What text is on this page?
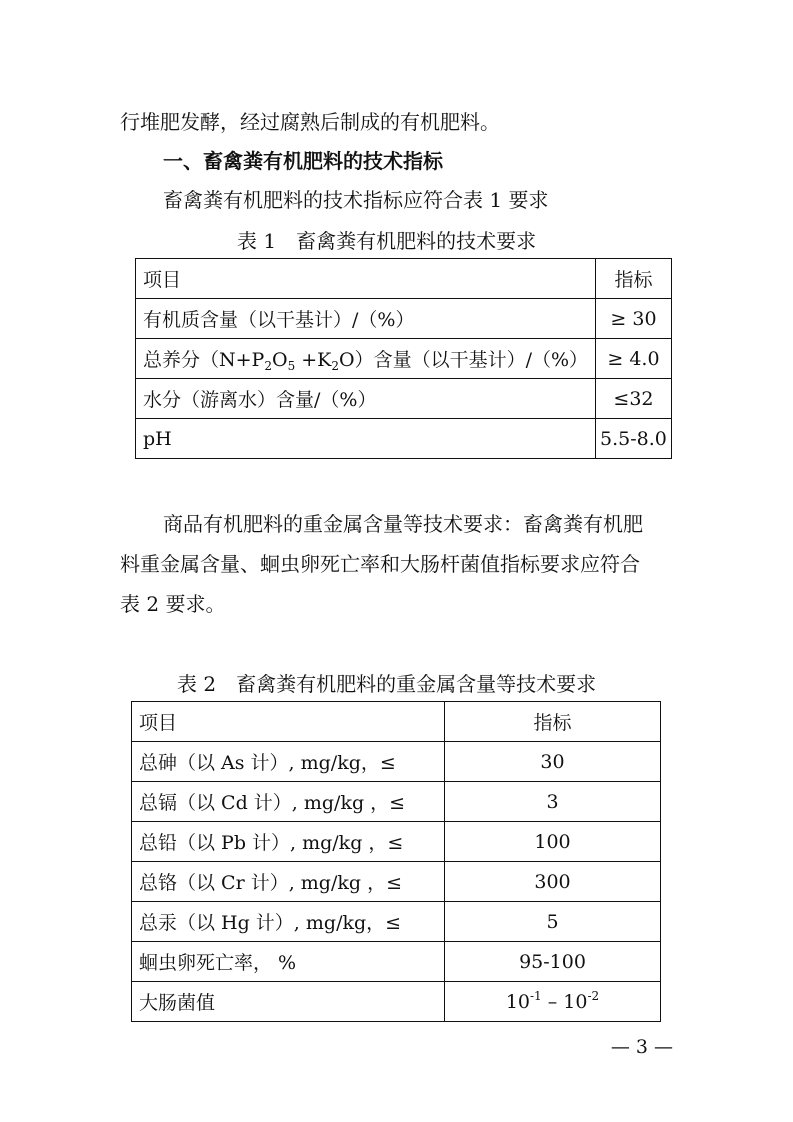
行堆肥发酵，经过腐熟后制成的有机肥料。
一、畜禽粪有机肥料的技术指标
畜禽粪有机肥料的技术指标应符合表 1 要求
表 1　畜禽粪有机肥料的技术要求
项目	指标
有机质含量（以干基计）/（%）	≥ 30
总养分$(N+P_2O_5 +K_2O)$含量（以干基计）/（%）	≥ 4.0
水分（游离水）含量/（%）	≤32
pH	5.5-8.0
商品有机肥料的重金属含量等技术要求：畜禽粪有机肥
料重金属含量、蛔虫卵死亡率和大肠杆菌值指标要求应符合
表 2 要求。
表 2　畜禽粪有机肥料的重金属含量等技术要求
项目	指标
总砷（以 As 计）, mg/kg，≤	30
总镉（以 Cd 计）, mg/kg ，≤	3
总铅（以 Pb 计）, mg/kg ，≤	100
总铬（以 Cr 计）, mg/kg ，≤	300
总汞（以 Hg 计）, mg/kg，≤	5
蛔虫卵死亡率， %	95-100
大肠菌值	$10^{-1} - 10^{-2}$
— 3 —
